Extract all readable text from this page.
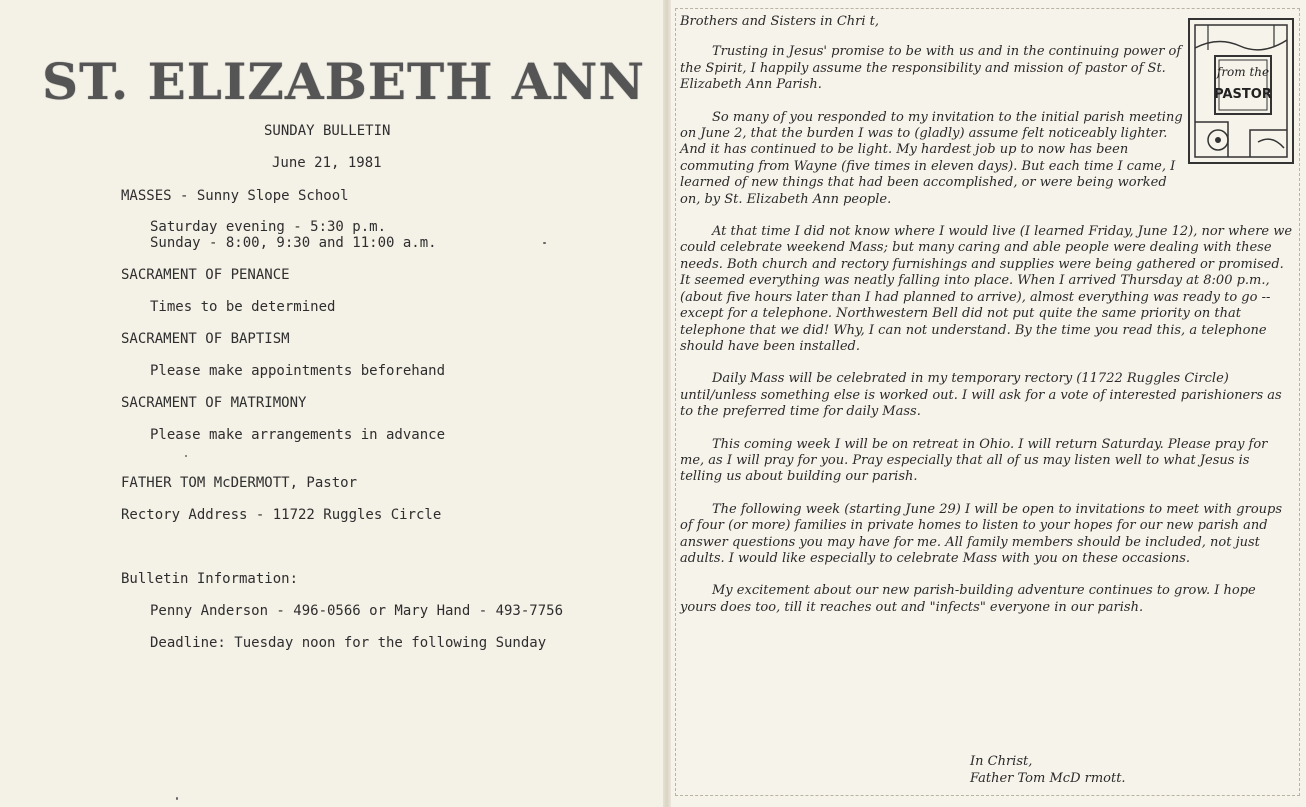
ST. ELIZABETH ANN
SUNDAY BULLETIN
June 21, 1981
MASSES - Sunny Slope School
Saturday evening - 5:30 p.m.
Sunday - 8:00, 9:30 and 11:00 a.m.
SACRAMENT OF PENANCE
Times to be determined
SACRAMENT OF BAPTISM
Please make appointments beforehand
SACRAMENT OF MATRIMONY
Please make arrangements in advance
FATHER TOM McDERMOTT, Pastor
Rectory Address - 11722 Ruggles Circle
Bulletin Information:
Penny Anderson - 496-0566 or Mary Hand - 493-7756
Deadline: Tuesday noon for the following Sunday
from the
PASTOR

Brothers and Sisters in Chri t,

Trusting in Jesus' promise to be with us and in the continuing power of the Spirit, I happily assume the responsibility and mission of pastor of St. Elizabeth Ann Parish.

So many of you responded to my invitation to the initial parish meeting on June 2, that the burden I was to (gladly) assume felt noticeably lighter. And it has continued to be light. My hardest job up to now has been commuting from Wayne (five times in eleven days). But each time I came, I learned of new things that had been accomplished, or were being worked on, by St. Elizabeth Ann people.

At that time I did not know where I would live (I learned Friday, June 12), nor where we could celebrate weekend Mass; but many caring and able people were dealing with these needs. Both church and rectory furnishings and supplies were being gathered or promised. It seemed everything was neatly falling into place. When I arrived Thursday at 8:00 p.m., (about five hours later than I had planned to arrive), almost everything was ready to go -- except for a telephone. Northwestern Bell did not put quite the same priority on that telephone that we did! Why, I can not understand. By the time you read this, a telephone should have been installed.

Daily Mass will be celebrated in my temporary rectory (11722 Ruggles Circle) until/unless something else is worked out. I will ask for a vote of interested parishioners as to the preferred time for daily Mass.

This coming week I will be on retreat in Ohio. I will return Saturday. Please pray for me, as I will pray for you. Pray especially that all of us may listen well to what Jesus is telling us about building our parish.

The following week (starting June 29) I will be open to invitations to meet with groups of four (or more) families in private homes to listen to your hopes for our new parish and answer questions you may have for me. All family members should be included, not just adults. I would like especially to celebrate Mass with you on these occasions.

My excitement about our new parish-building adventure continues to grow. I hope yours does too, till it reaches out and "infects" everyone in our parish.

In Christ,
Father Tom McD rmott.
